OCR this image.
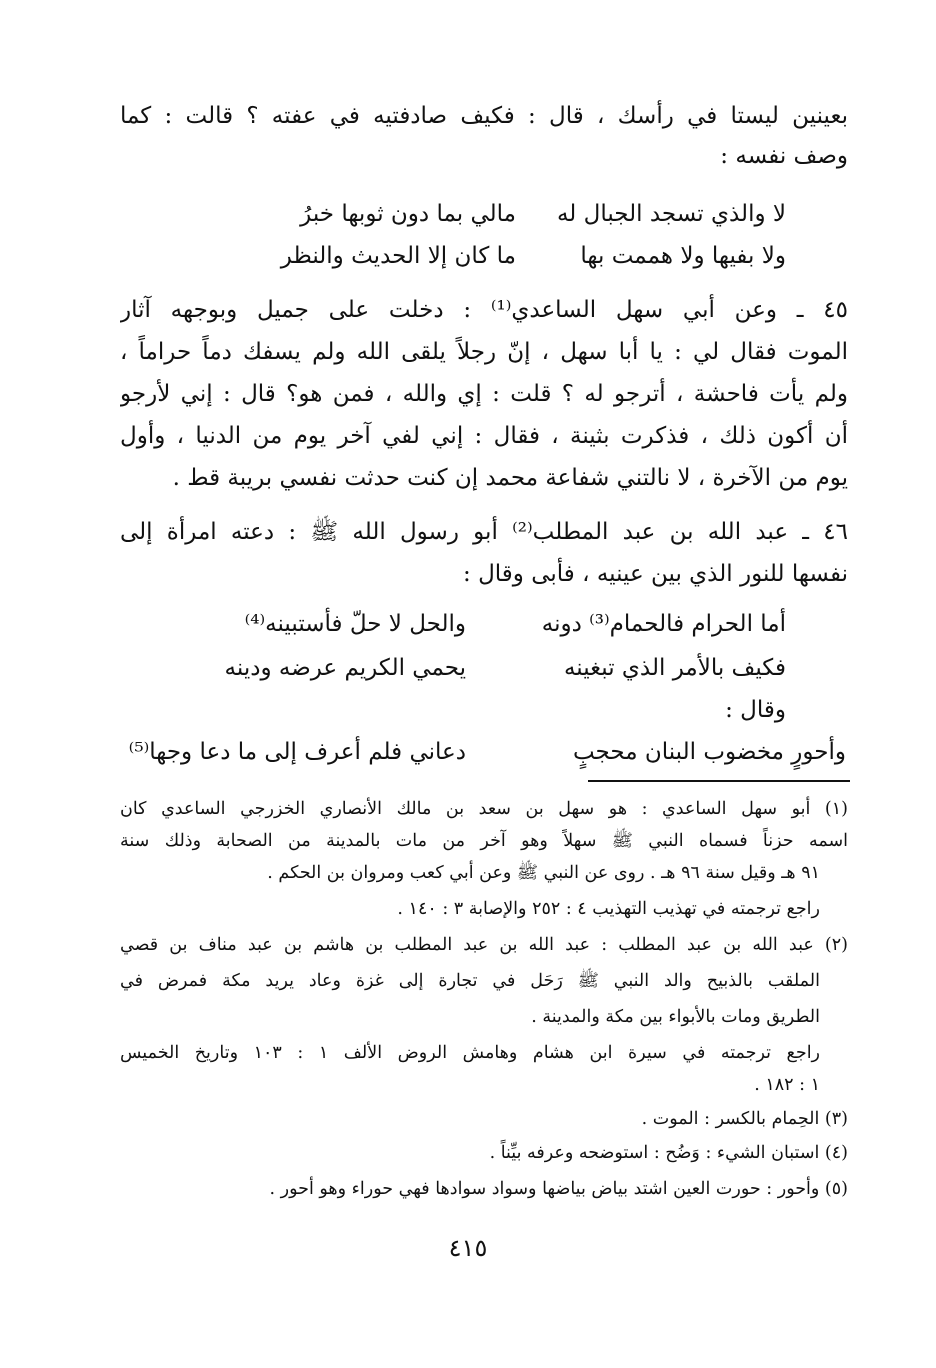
بعينين ليستا في رأسك ، قال : فكيف صادفتيه في عفته ؟ قالت : كما
وصف نفسه :
لا والذي تسجد الجبال له
مالي بما دون ثوبها خبرُ
ولا بفيها ولا هممت بها
ما كان إلا الحديث والنظر
٤٥ ـ وعن أبي سهل الساعدي⁽¹⁾ : دخلت على جميل وبوجهه آثار
الموت فقال لي : يا أبا سهل ، إنّ رجلاً يلقى الله ولم يسفك دماً حراماً ،
ولم يأت فاحشة ، أترجو له ؟ قلت : إي والله ، فمن هو؟ قال : إني لأرجو
أن أكون ذلك ، فذكرت بثينة ، فقال : إني لفي آخر يوم من الدنيا ، وأول
يوم من الآخرة ، لا نالتني شفاعة محمد إن كنت حدثت نفسي بريبة قط .
٤٦ ـ عبد الله بن عبد المطلب⁽²⁾ أبو رسول الله ﷺ : دعته امرأة إلى
نفسها للنور الذي بين عينيه ، فأبى وقال :
أما الحرام فالحمام⁽³⁾ دونه
والحل لا حلّ فأستبينه⁽⁴⁾
فكيف بالأمر الذي تبغينه
يحمي الكريم عرضه ودينه
وقال :
وأحورٍ مخضوب البنان محجبٍ
دعاني فلم أعرف إلى ما دعا وجها⁽⁵⁾
(١) أبو سهل الساعدي : هو سهل بن سعد بن مالك الأنصاري الخزرجي الساعدي كان
اسمه حزناً فسماه النبي ﷺ سهلاً وهو آخر من مات بالمدينة من الصحابة وذلك سنة
٩١ هـ وقيل سنة ٩٦ هـ . روى عن النبي ﷺ وعن أبي كعب ومروان بن الحكم .
راجع ترجمته في تهذيب التهذيب ٤ : ٢٥٢ والإصابة ٣ : ١٤٠ .
(٢) عبد الله بن عبد المطلب : عبد الله بن عبد المطلب بن هاشم بن عبد مناف بن قصي
الملقب بالذبيح والد النبي ﷺ رَحَل في تجارة إلى غزة وعاد يريد مكة فمرض في
الطريق ومات بالأبواء بين مكة والمدينة .
راجع ترجمته في سيرة ابن هشام وهامش الروض الألف ١ : ١٠٣ وتاريخ الخميس
١ : ١٨٢ .
(٣) الحِمام بالكسر : الموت .
(٤) استبان الشيء : وَضُح : استوضحه وعرفه بيِّناً .
(٥) وأحور : حورت العين اشتد بياض بياضها وسواد سوادها فهي حوراء وهو أحور .
٤١٥
